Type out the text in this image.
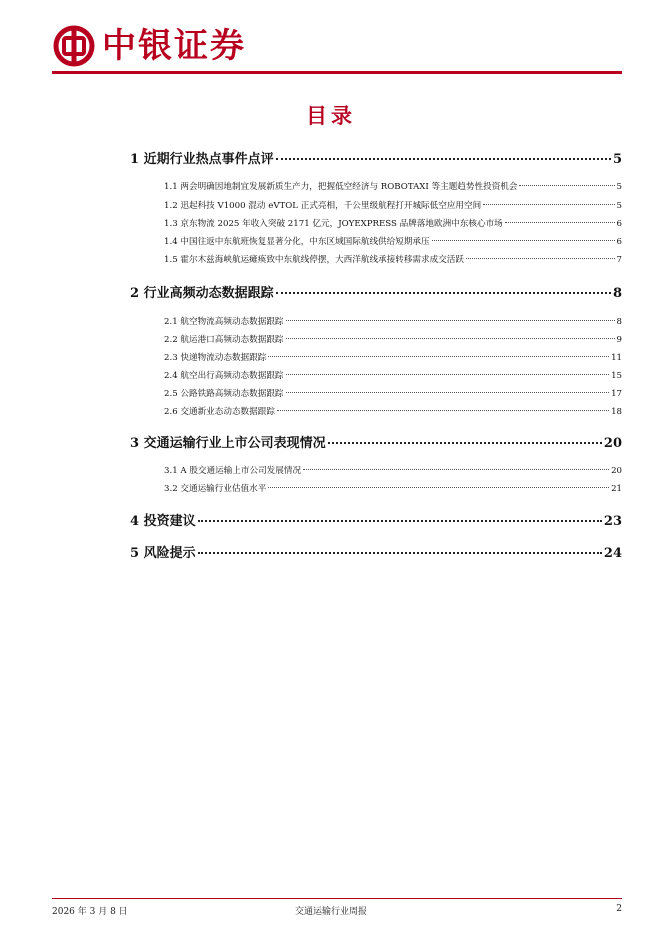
中银证券
目录
1 近期行业热点事件点评	5
1.1 两会明确因地制宜发展新质生产力，把握低空经济与 ROBOTAXI 等主题趋势性投资机会	5
1.2 迅起科技 V1000 混动 eVTOL 正式亮相，千公里级航程打开城际低空应用空间	5
1.3 京东物流 2025 年收入突破 2171 亿元，JOYEXPRESS 品牌落地欧洲中东核心市场	6
1.4 中国往返中东航班恢复显著分化，中东区域国际航线供给短期承压	6
1.5 霍尔木兹海峡航运瘫痪致中东航线停摆，大西洋航线承接转移需求成交活跃	7
2 行业高频动态数据跟踪	8
2.1 航空物流高频动态数据跟踪	8
2.2 航运港口高频动态数据跟踪	9
2.3 快递物流动态数据跟踪	11
2.4 航空出行高频动态数据跟踪	15
2.5 公路铁路高频动态数据跟踪	17
2.6 交通新业态动态数据跟踪	18
3 交通运输行业上市公司表现情况	20
3.1 A 股交通运输上市公司发展情况	20
3.2 交通运输行业估值水平	21
4 投资建议	23
5 风险提示	24
2026 年 3 月 8 日	交通运输行业周报	2
